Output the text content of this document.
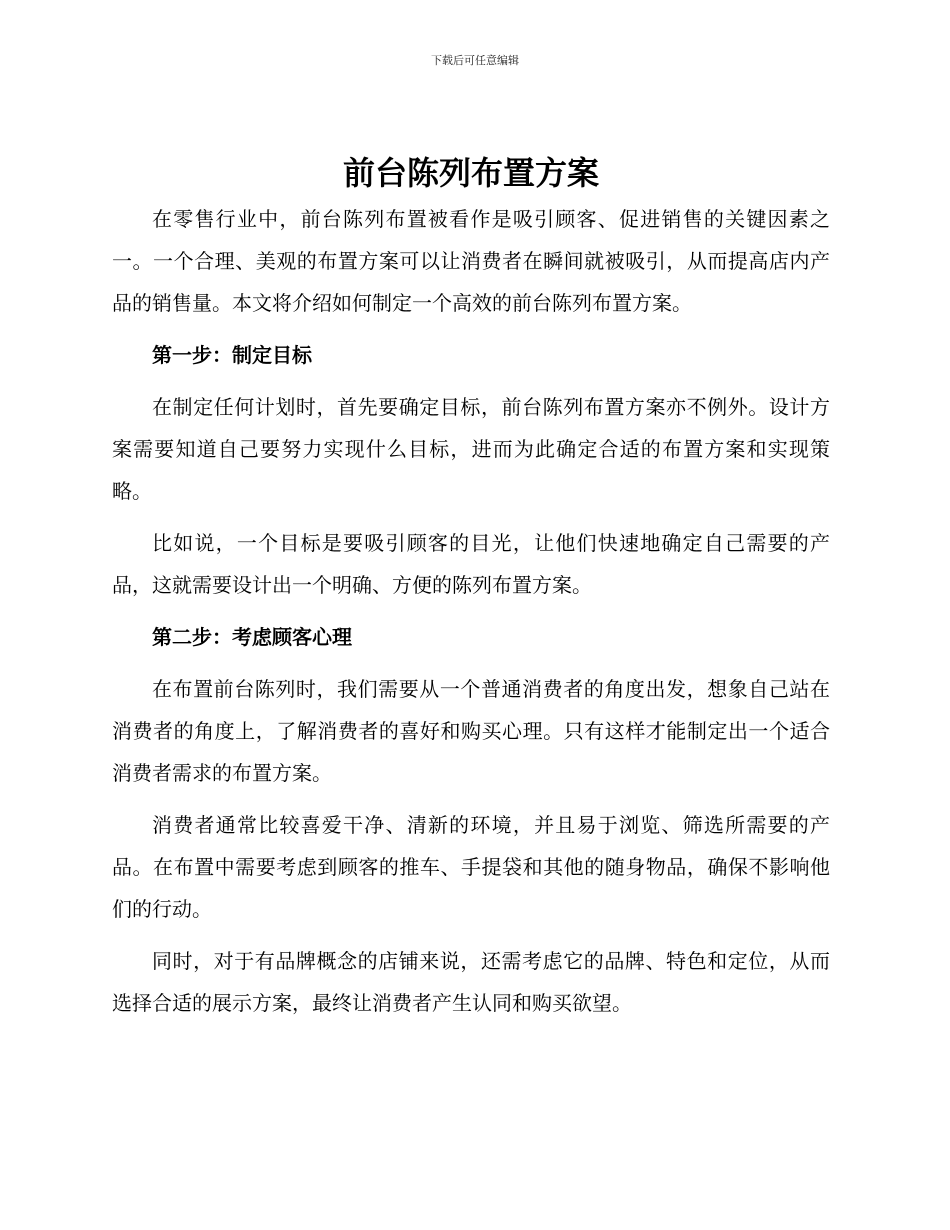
下载后可任意编辑
前台陈列布置方案

在零售行业中，前台陈列布置被看作是吸引顾客、促进销售的关键因素之一。一个合理、美观的布置方案可以让消费者在瞬间就被吸引，从而提高店内产品的销售量。本文将介绍如何制定一个高效的前台陈列布置方案。

第一步：制定目标

在制定任何计划时，首先要确定目标，前台陈列布置方案亦不例外。设计方案需要知道自己要努力实现什么目标，进而为此确定合适的布置方案和实现策略。

比如说，一个目标是要吸引顾客的目光，让他们快速地确定自己需要的产品，这就需要设计出一个明确、方便的陈列布置方案。

第二步：考虑顾客心理

在布置前台陈列时，我们需要从一个普通消费者的角度出发，想象自己站在消费者的角度上，了解消费者的喜好和购买心理。只有这样才能制定出一个适合消费者需求的布置方案。

消费者通常比较喜爱干净、清新的环境，并且易于浏览、筛选所需要的产品。在布置中需要考虑到顾客的推车、手提袋和其他的随身物品，确保不影响他们的行动。

同时，对于有品牌概念的店铺来说，还需考虑它的品牌、特色和定位，从而选择合适的展示方案，最终让消费者产生认同和购买欲望。
